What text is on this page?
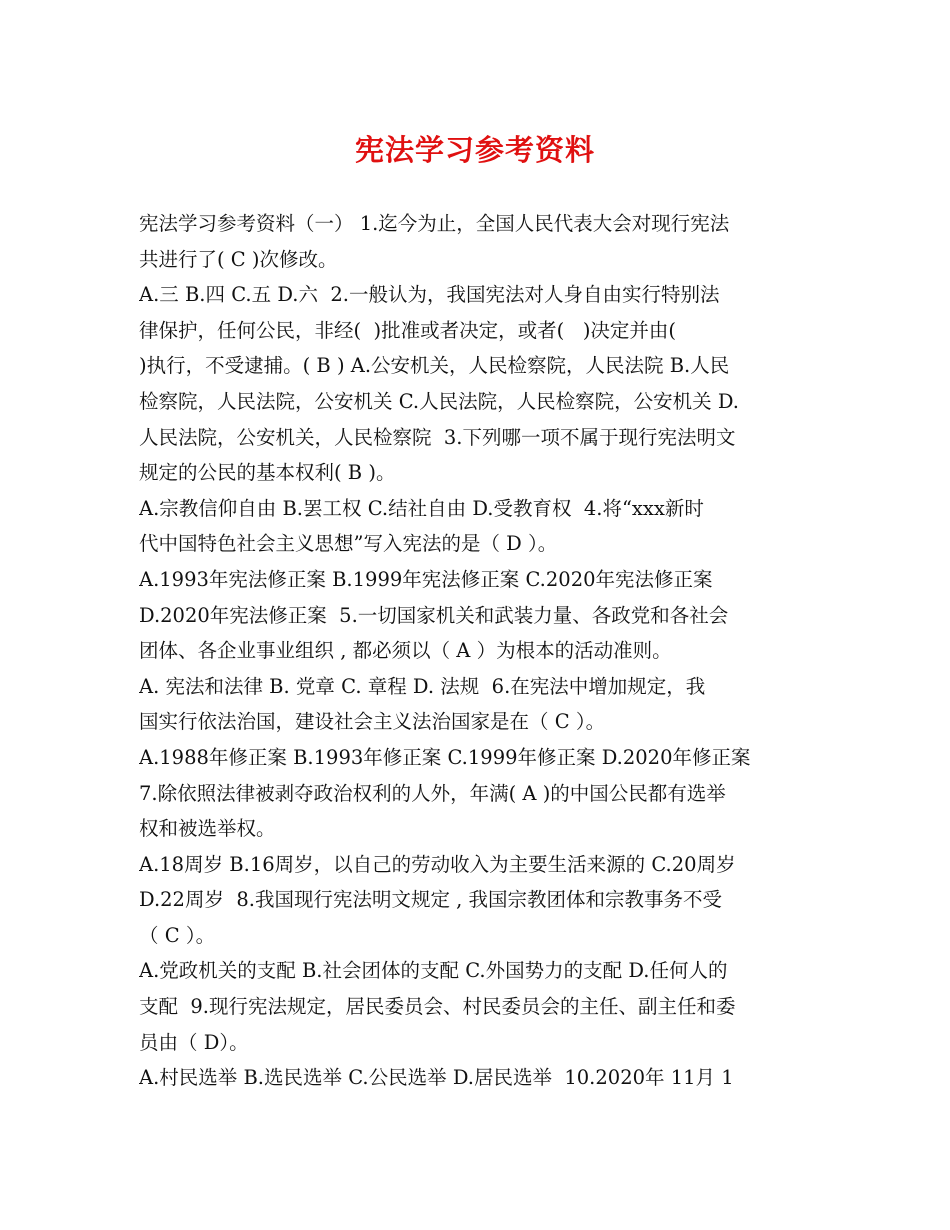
宪法学习参考资料
宪法学习参考资料（一） 1.迄今为止，全国人民代表大会对现行宪法
共进行了( C )次修改。
A.三 B.四 C.五 D.六  2.一般认为，我国宪法对人身自由实行特别法
律保护，任何公民，非经(  )批准或者决定，或者(   )决定并由(
)执行，不受逮捕。( B ) A.公安机关，人民检察院，人民法院 B.人民
检察院，人民法院，公安机关 C.人民法院，人民检察院，公安机关 D.
人民法院，公安机关，人民检察院  3.下列哪一项不属于现行宪法明文
规定的公民的基本权利( B )。
A.宗教信仰自由 B.罢工权 C.结社自由 D.受教育权  4.将“xxx新时
代中国特色社会主义思想”写入宪法的是（ D ）。
A.1993年宪法修正案 B.1999年宪法修正案 C.2020年宪法修正案
D.2020年宪法修正案  5.一切国家机关和武装力量、各政党和各社会
团体、各企业事业组织 , 都必须以（ A ）为根本的活动准则。
A. 宪法和法律 B. 党章 C. 章程 D. 法规  6.在宪法中增加规定，我
国实行依法治国，建设社会主义法治国家是在（ C ）。
A.1988年修正案 B.1993年修正案 C.1999年修正案 D.2020年修正案
7.除依照法律被剥夺政治权利的人外，年满( A )的中国公民都有选举
权和被选举权。
A.18周岁 B.16周岁，以自己的劳动收入为主要生活来源的 C.20周岁
D.22周岁  8.我国现行宪法明文规定 , 我国宗教团体和宗教事务不受
（ C ）。
A.党政机关的支配 B.社会团体的支配 C.外国势力的支配 D.任何人的
支配  9.现行宪法规定，居民委员会、村民委员会的主任、副主任和委
员由（ D）。
A.村民选举 B.选民选举 C.公民选举 D.居民选举  10.2020年 11月 1
